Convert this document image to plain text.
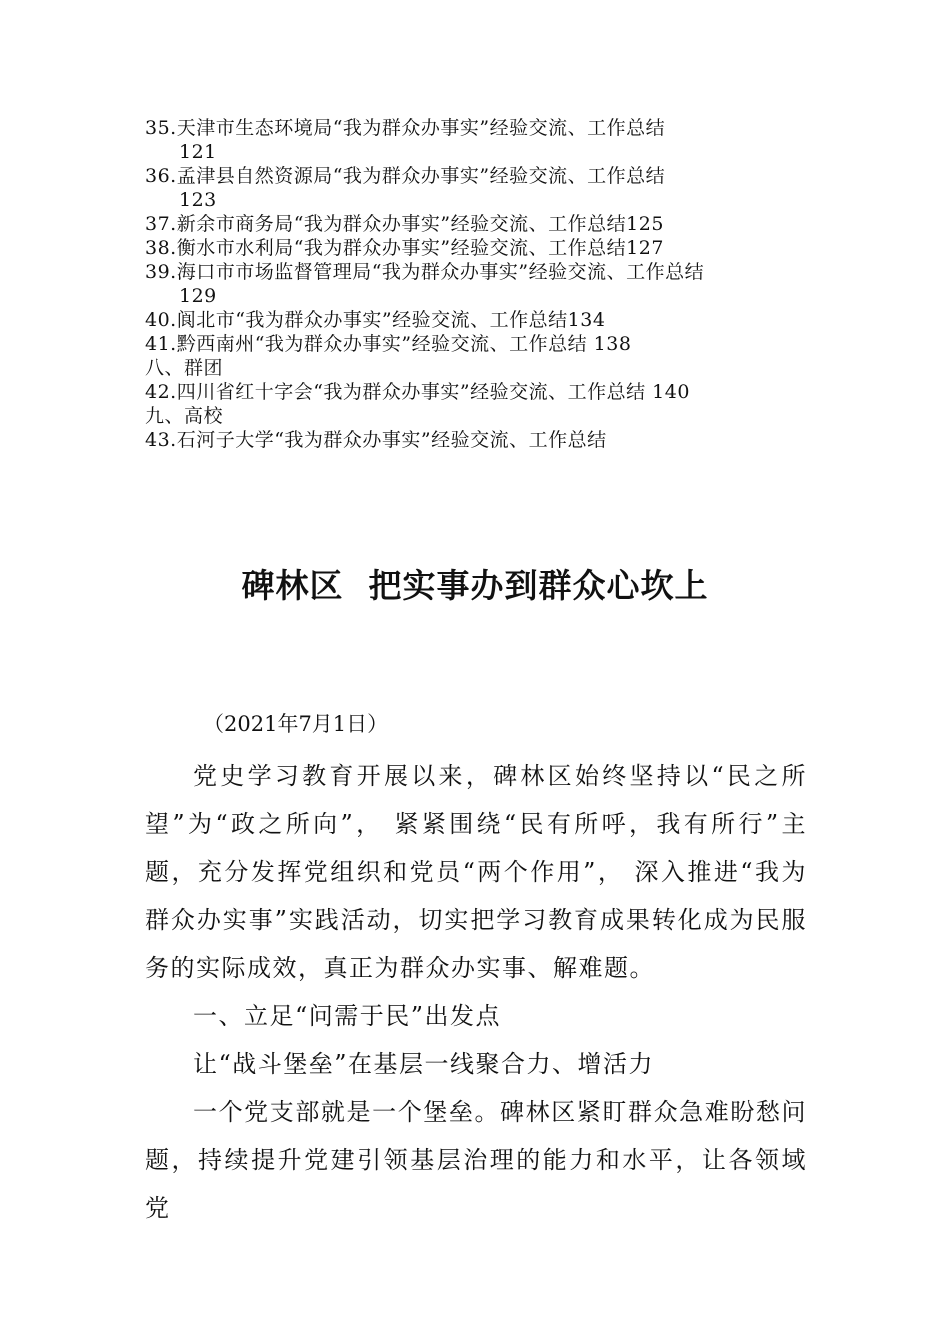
35.天津市生态环境局“我为群众办事实”经验交流、工作总结
121
36.孟津县自然资源局“我为群众办事实”经验交流、工作总结
123
37.新余市商务局“我为群众办事实”经验交流、工作总结125
38.衡水市水利局“我为群众办事实”经验交流、工作总结127
39.海口市市场监督管理局“我为群众办事实”经验交流、工作总结
129
40.阆北市“我为群众办事实”经验交流、工作总结134
41.黔西南州“我为群众办事实”经验交流、工作总结 138
八、群团
42.四川省红十字会“我为群众办事实”经验交流、工作总结 140
九、高校
43.石河子大学“我为群众办事实”经验交流、工作总结
碑林区  把实事办到群众心坎上
（2021年7月1日）

党史学习教育开展以来，碑林区始终坚持以“民之所望”为“政之所向”， 紧紧围绕“民有所呼，我有所行”主题，充分发挥党组织和党员“两个作用”， 深入推进“我为群众办实事”实践活动，切实把学习教育成果转化成为民服务的实际成效，真正为群众办实事、解难题。

一、立足“问需于民”出发点

让“战斗堡垒”在基层一线聚合力、增活力

一个党支部就是一个堡垒。碑林区紧盯群众急难盼愁问题，持续提升党建引领基层治理的能力和水平，让各领域党
